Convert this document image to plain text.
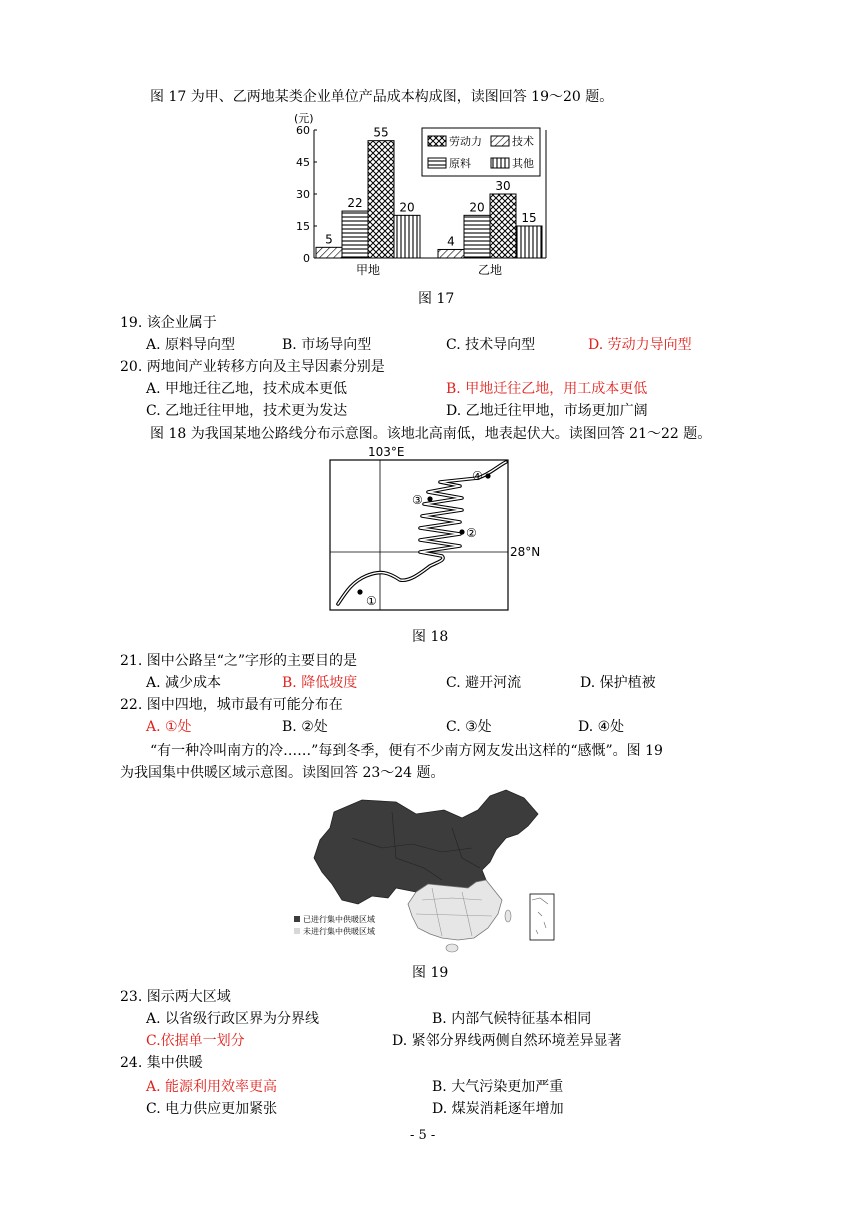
图 17 为甲、乙两地某类企业单位产品成本构成图，读图回答 19～20 题。
(元)
0
15
30
45
60
5
22
55
20
4
20
30
15
甲地	乙地
劳动力	技术
原料	其他
图 17
19. 该企业属于
A. 原料导向型	B. 市场导向型	C. 技术导向型	D. 劳动力导向型
20. 两地间产业转移方向及主导因素分别是
A. 甲地迁往乙地，技术成本更低	B. 甲地迁往乙地，用工成本更低
C. 乙地迁往甲地，技术更为发达	D. 乙地迁往甲地，市场更加广阔
图 18 为我国某地公路线分布示意图。该地北高南低，地表起伏大。读图回答 21～22 题。
103°E
28°N
①
②
③
④
图 18
21. 图中公路呈“之”字形的主要目的是
A. 减少成本	B. 降低坡度	C. 避开河流	D. 保护植被
22. 图中四地，城市最有可能分布在
A. ①处	B. ②处	C. ③处	D. ④处
“有一种冷叫南方的冷……”每到冬季，便有不少南方网友发出这样的“感慨”。图 19
为我国集中供暖区域示意图。读图回答 23～24 题。
已进行集中供暖区域
未进行集中供暖区域
图 19
23. 图示两大区域
A. 以省级行政区界为分界线	B. 内部气候特征基本相同
C.依据单一划分	D. 紧邻分界线两侧自然环境差异显著
24. 集中供暖
A. 能源利用效率更高	B. 大气污染更加严重
C. 电力供应更加紧张	D. 煤炭消耗逐年增加
- 5 -
